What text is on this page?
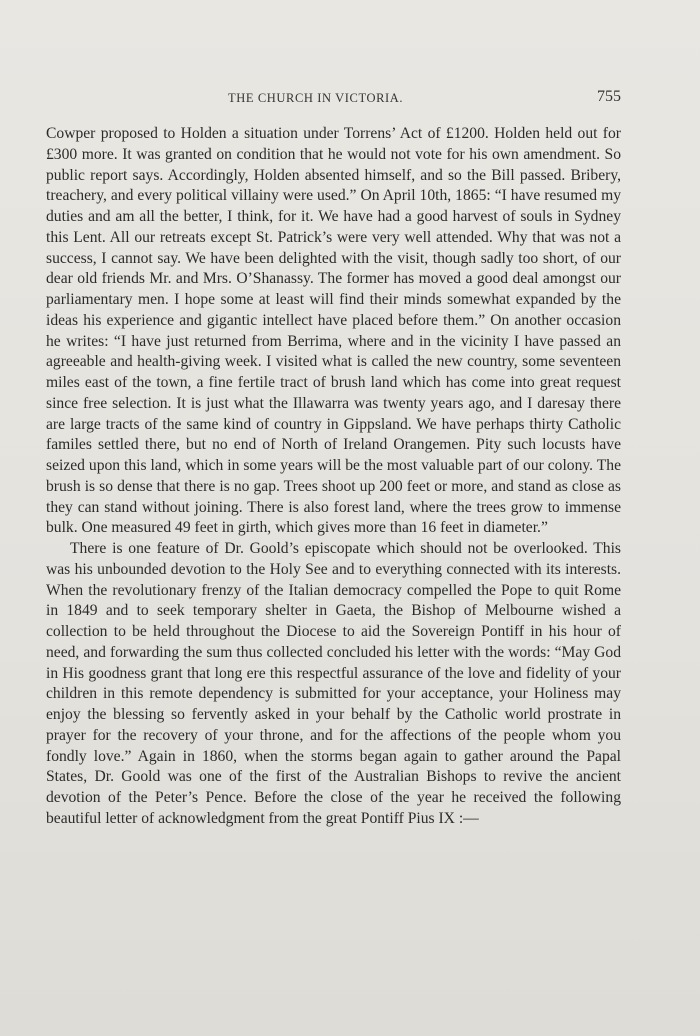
THE CHURCH IN VICTORIA.	755

Cowper proposed to Holden a situation under Torrens’ Act of £1200. Holden held out for £300 more. It was granted on condition that he would not vote for his own amendment. So public report says. Accordingly, Holden absented himself, and so the Bill passed. Bribery, treachery, and every political villainy were used.” On April 10th, 1865: “I have resumed my duties and am all the better, I think, for it. We have had a good harvest of souls in Sydney this Lent. All our retreats except St. Patrick’s were very well attended. Why that was not a success, I cannot say. We have been delighted with the visit, though sadly too short, of our dear old friends Mr. and Mrs. O’Shanassy. The former has moved a good deal amongst our parliamentary men. I hope some at least will find their minds somewhat expanded by the ideas his experience and gigantic intellect have placed before them.” On another occasion he writes: “I have just returned from Berrima, where and in the vicinity I have passed an agreeable and health-giving week. I visited what is called the new country, some seventeen miles east of the town, a fine fertile tract of brush land which has come into great request since free selection. It is just what the Illawarra was twenty years ago, and I daresay there are large tracts of the same kind of country in Gippsland. We have perhaps thirty Catholic familes settled there, but no end of North of Ireland Orangemen. Pity such locusts have seized upon this land, which in some years will be the most valuable part of our colony. The brush is so dense that there is no gap. Trees shoot up 200 feet or more, and stand as close as they can stand without joining. There is also forest land, where the trees grow to immense bulk. One measured 49 feet in girth, which gives more than 16 feet in diameter.”

There is one feature of Dr. Goold’s episcopate which should not be overlooked. This was his unbounded devotion to the Holy See and to everything connected with its interests. When the revolutionary frenzy of the Italian democracy compelled the Pope to quit Rome in 1849 and to seek temporary shelter in Gaeta, the Bishop of Melbourne wished a collection to be held throughout the Diocese to aid the Sovereign Pontiff in his hour of need, and forwarding the sum thus collected concluded his letter with the words: “May God in His goodness grant that long ere this respectful assurance of the love and fidelity of your children in this remote dependency is submitted for your acceptance, your Holiness may enjoy the blessing so fervently asked in your behalf by the Catholic world prostrate in prayer for the recovery of your throne, and for the affections of the people whom you fondly love.” Again in 1860, when the storms began again to gather around the Papal States, Dr. Goold was one of the first of the Australian Bishops to revive the ancient devotion of the Peter’s Pence. Before the close of the year he received the following beautiful letter of acknowledgment from the great Pontiff Pius IX :—
